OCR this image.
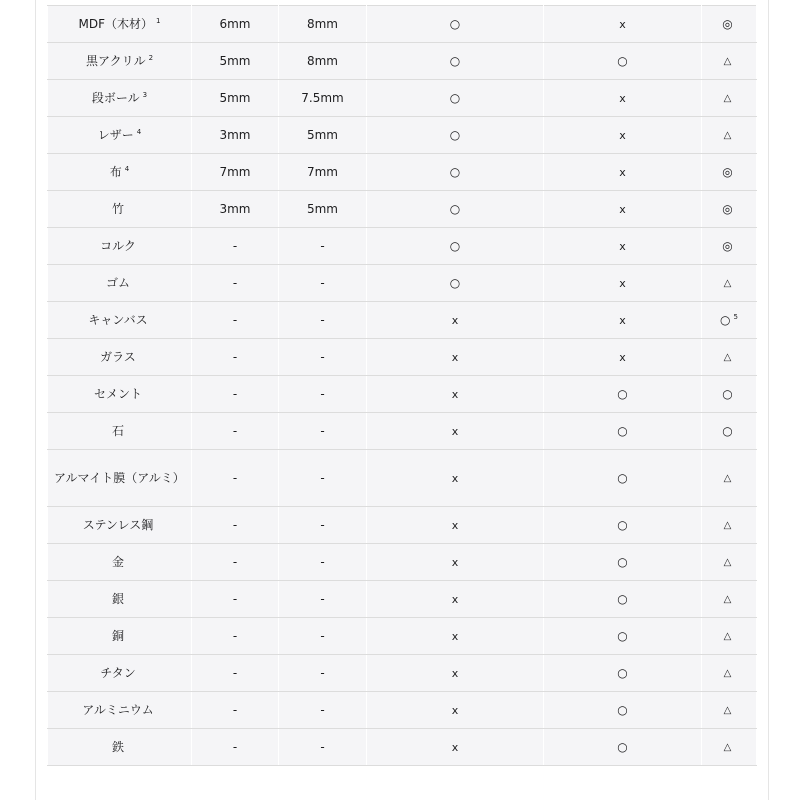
MDF（木材） $^1$	6mm	8mm	○	x	◎
黒アクリル $^2$	5mm	8mm	○	○	△
段ボール $^3$	5mm	7.5mm	○	x	△
レザー $^4$	3mm	5mm	○	x	△
布 $^4$	7mm	7mm	○	x	◎
竹	3mm	5mm	○	x	◎
コルク	-	-	○	x	◎
ゴム	-	-	○	x	△
キャンバス	-	-	x	x	○ $^5$
ガラス	-	-	x	x	△
セメント	-	-	x	○	○
石	-	-	x	○	○
アルマイト膜（アルミ）	-	-	x	○	△
ステンレス鋼	-	-	x	○	△
金	-	-	x	○	△
銀	-	-	x	○	△
銅	-	-	x	○	△
チタン	-	-	x	○	△
アルミニウム	-	-	x	○	△
鉄	-	-	x	○	△
